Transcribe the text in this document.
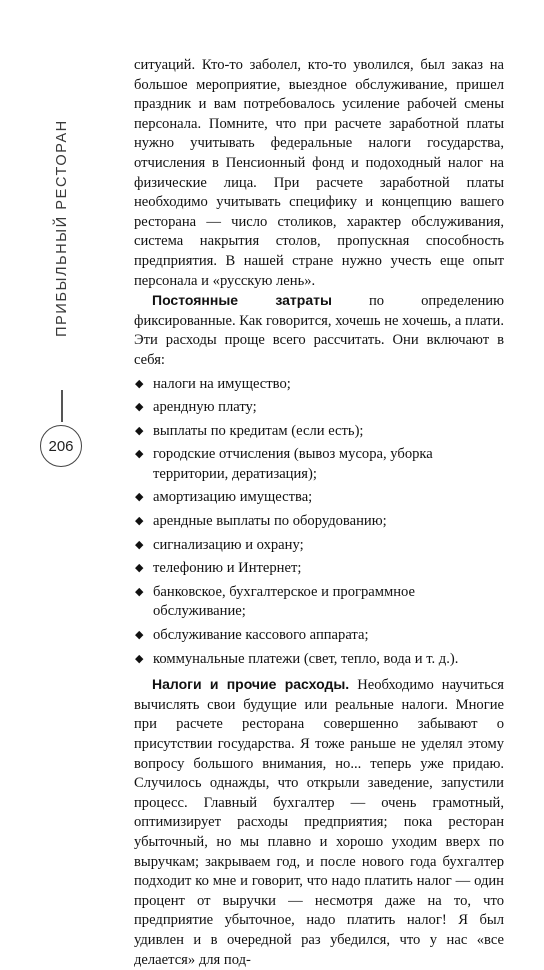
ПРИБЫЛЬНЫЙ РЕСТОРАН
206

ситуаций. Кто-то заболел, кто-то уволился, был заказ на большое мероприятие, выездное обслуживание, пришел праздник и вам потребовалось усиление рабочей смены персонала. Помните, что при расчете заработной платы нужно учитывать федеральные налоги государства, отчисления в Пенсионный фонд и подоходный налог на физические лица. При расчете заработной платы необходимо учитывать специфику и концепцию вашего ресторана — число столиков, характер обслуживания, система накрытия столов, пропускная способность предприятия. В нашей стране нужно учесть еще опыт персонала и «русскую лень».

Постоянные затраты по определению фиксированные. Как говорится, хочешь не хочешь, а плати. Эти расходы проще всего рассчитать. Они включают в себя:

◆ налоги на имущество;
◆ арендную плату;
◆ выплаты по кредитам (если есть);
◆ городские отчисления (вывоз мусора, уборка территории, дератизация);
◆ амортизацию имущества;
◆ арендные выплаты по оборудованию;
◆ сигнализацию и охрану;
◆ телефонию и Интернет;
◆ банковское, бухгалтерское и программное обслуживание;
◆ обслуживание кассового аппарата;
◆ коммунальные платежи (свет, тепло, вода и т. д.).

Налоги и прочие расходы. Необходимо научиться вычислять свои будущие или реальные налоги. Многие при расчете ресторана совершенно забывают о присутствии государства. Я тоже раньше не уделял этому вопросу большого внимания, но... теперь уже придаю. Случилось однажды, что открыли заведение, запустили процесс. Главный бухгалтер — очень грамотный, оптимизирует расходы предприятия; пока ресторан убыточный, но мы плавно и хорошо уходим вверх по выручкам; закрываем год, и после нового года бухгалтер подходит ко мне и говорит, что надо платить налог — один процент от выручки — несмотря даже на то, что предприятие убыточное, надо платить налог! Я был удивлен и в очередной раз убедился, что у нас «все делается» для под-
